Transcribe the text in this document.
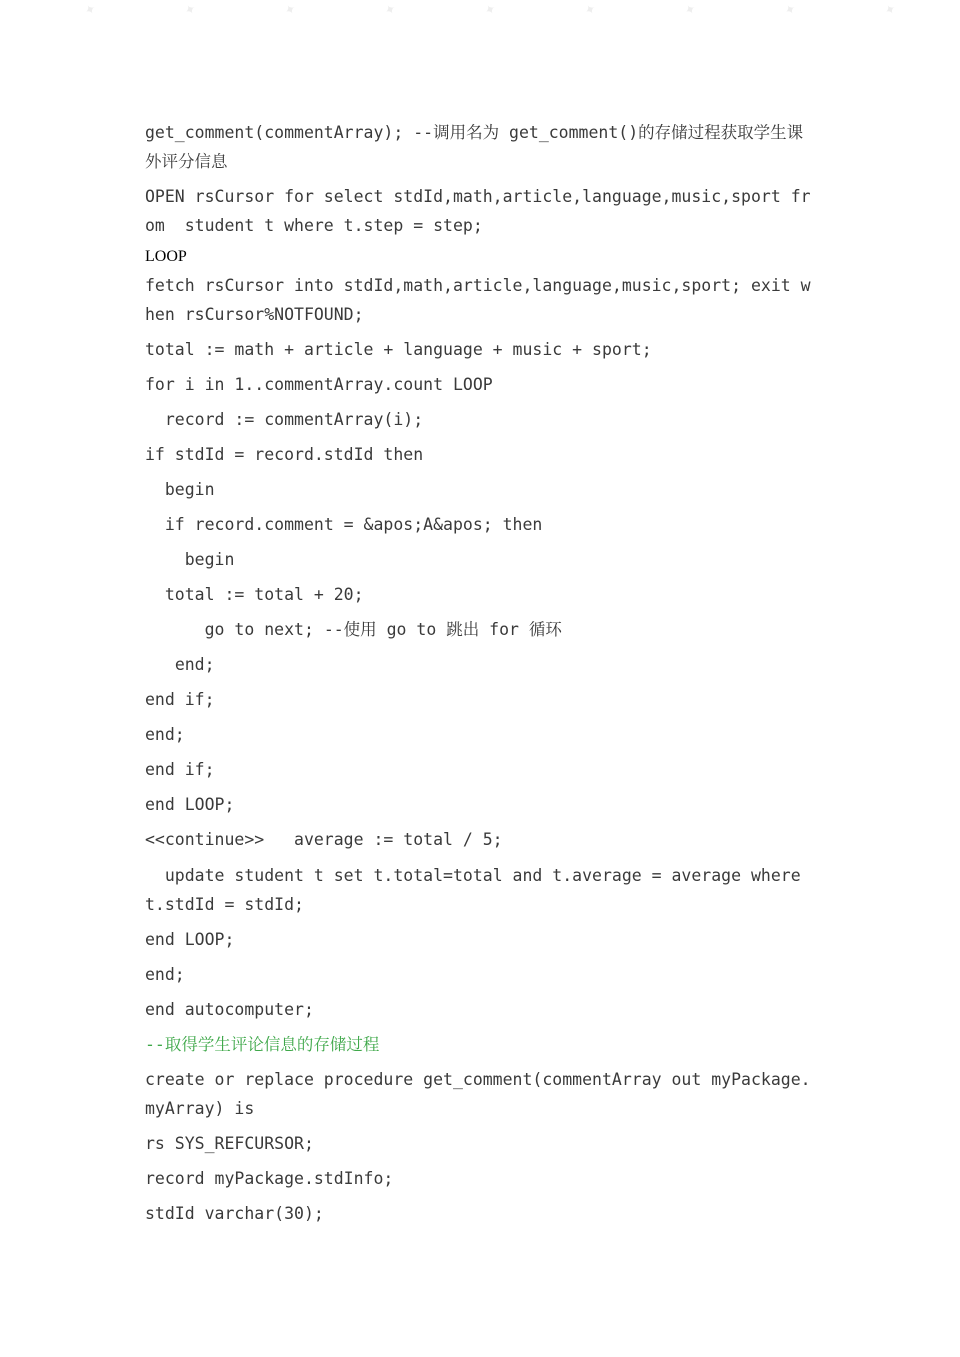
✦	✦	✦	✦	✦	✦	✦	✦	✦
get_comment(commentArray); --调用名为 get_comment()的存储过程获取学生课外评分信息
OPEN rsCursor for select stdId,math,article,language,music,sport from  student t where t.step = step;
LOOP
fetch rsCursor into stdId,math,article,language,music,sport; exit when rsCursor%NOTFOUND;
total := math + article + language + music + sport;
for i in 1..commentArray.count LOOP
record := commentArray(i);
if stdId = record.stdId then
begin
if record.comment = &apos;A&apos; then
begin
total := total + 20;
go to next; --使用 go to 跳出 for 循环
end;
end if;
end;
end if;
end LOOP;
<<continue>>   average := total / 5;
update student t set t.total=total and t.average = average where t.stdId = stdId;
end LOOP;
end;
end autocomputer;
--取得学生评论信息的存储过程
create or replace procedure get_comment(commentArray out myPackage.myArray) is
rs SYS_REFCURSOR;
record myPackage.stdInfo;
stdId varchar(30);
